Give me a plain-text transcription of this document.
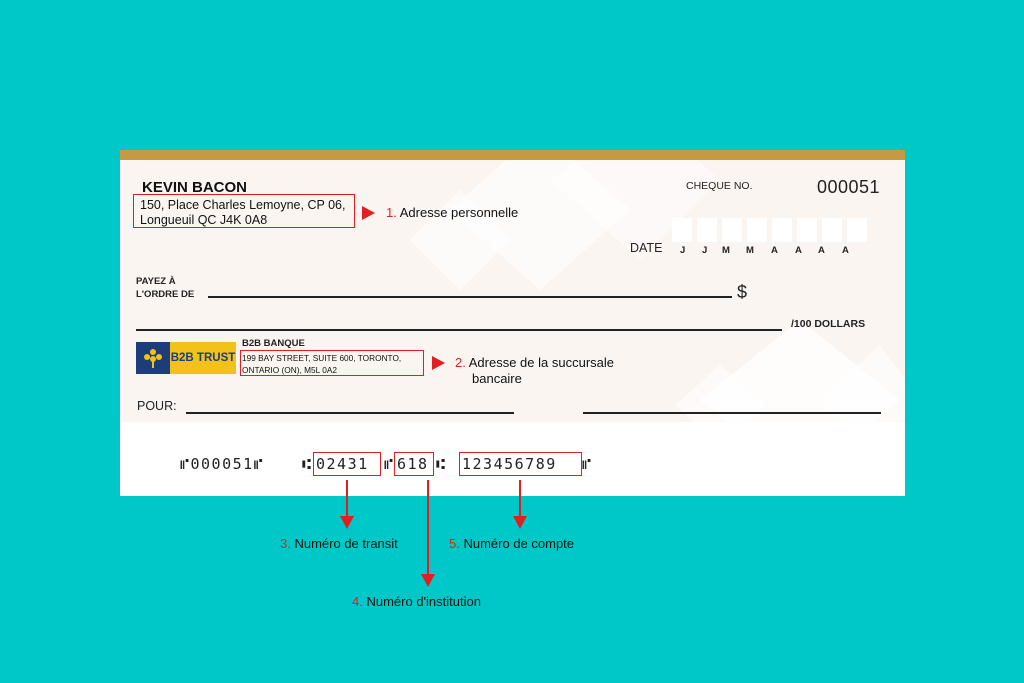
KEVIN BACON
150, Place Charles Lemoyne, CP 06,
Longueuil QC J4K 0A8
CHEQUE NO.	000051
DATE J J M M A A A A
PAYEZ À
L'ORDRE DE	$
/100 DOLLARS
B2B BANQUE
B2B TRUST 199 BAY STREET, SUITE 600, TORONTO,
ONTARIO (ON), M5L 0A2
POUR:
⑈000051⑈	⑆ 02431 ⑈ 618 ⑆ 123456789 ⑈
1. Adresse personnelle
2. Adresse de la succursale
bancaire
3. Numéro de transit
4. Numéro d'institution
5. Numéro de compte
